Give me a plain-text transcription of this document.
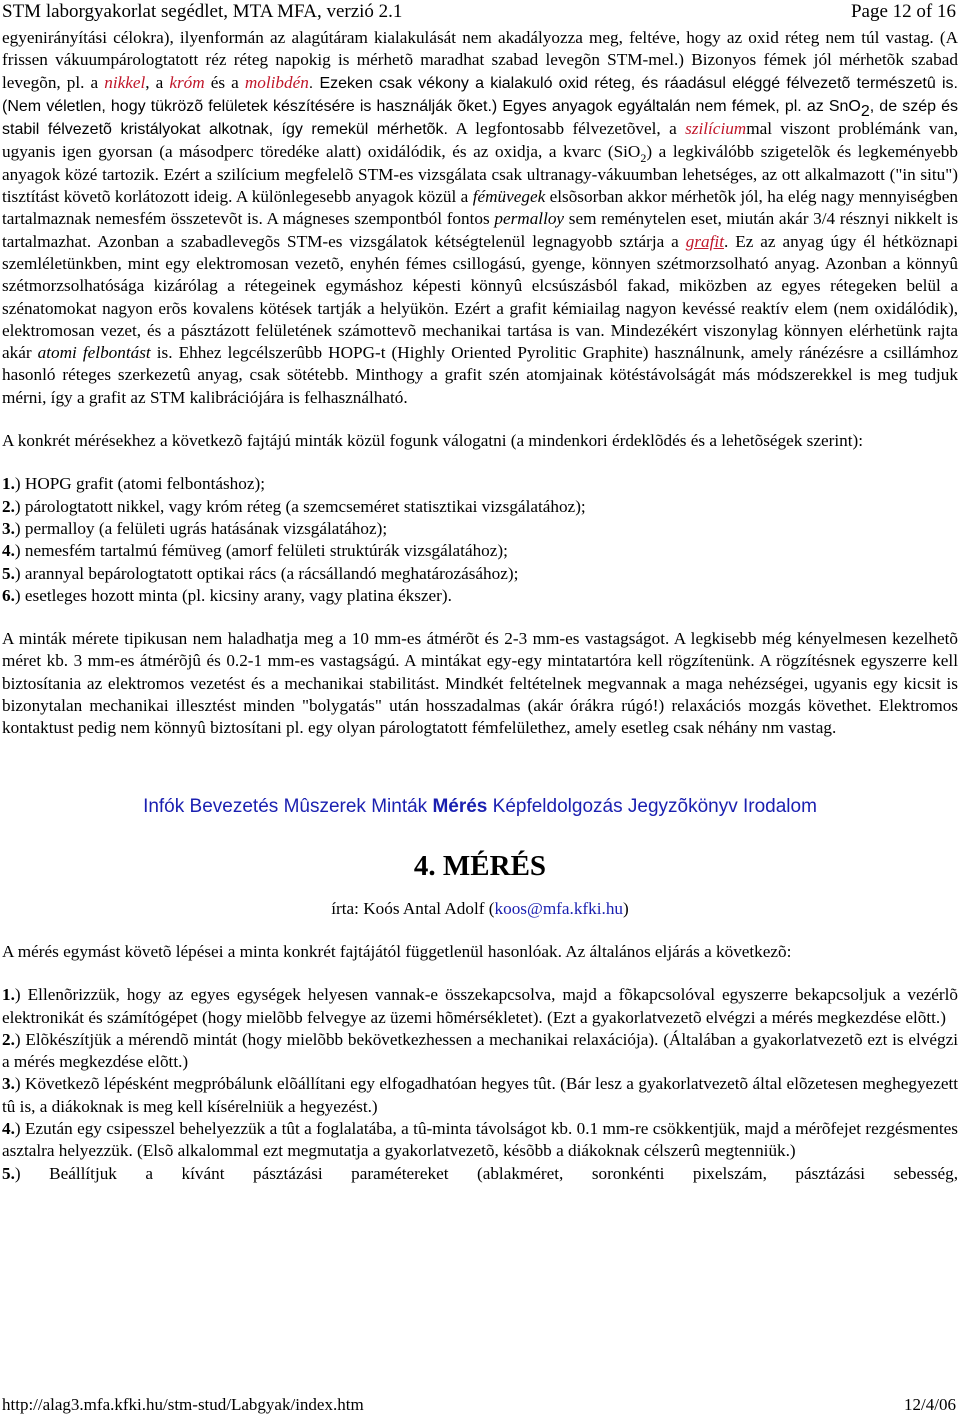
STM laborgyakorlat segédlet, MTA MFA, verzió 2.1	Page 12 of 16

egyenirányítási célokra), ilyenformán az alagútáram kialakulását nem akadályozza meg, feltéve, hogy az oxid réteg nem túl vastag. (A frissen vákuumpárologtatott réz réteg napokig is mérhetõ maradhat szabad levegõn STM-mel.) Bizonyos fémek jól mérhetõk szabad levegõn, pl. a nikkel, a króm és a molibdén. Ezeken csak vékony a kialakuló oxid réteg, és ráadásul eléggé félvezetõ természetû is. (Nem véletlen, hogy tükrözõ felületek készítésére is használják õket.) Egyes anyagok egyáltalán nem fémek, pl. az SnO$_2$, de szép és stabil félvezetõ kristályokat alkotnak, így remekül mérhetõk. A legfontosabb félvezetõvel, a szilíciummal viszont problémánk van, ugyanis igen gyorsan (a másodperc töredéke alatt) oxidálódik, és az oxidja, a kvarc (SiO$_2$) a legkiválóbb szigetelõk és legkeményebb anyagok közé tartozik. Ezért a szilícium megfelelõ STM-es vizsgálata csak ultranagy-vákuumban lehetséges, az ott alkalmazott ("in situ") tisztítást követõ korlátozott ideig. A különlegesebb anyagok közül a fémüvegek elsõsorban akkor mérhetõk jól, ha elég nagy mennyiségben tartalmaznak nemesfém összetevõt is. A mágneses szempontból fontos permalloy sem reménytelen eset, miután akár 3/4 résznyi nikkelt is tartalmazhat. Azonban a szabadlevegõs STM-es vizsgálatok kétségtelenül legnagyobb sztárja a grafit. Ez az anyag úgy él hétköznapi szemléletünkben, mint egy elektromosan vezetõ, enyhén fémes csillogású, gyenge, könnyen szétmorzsolható anyag. Azonban a könnyû szétmorzsolhatósága kizárólag a rétegeinek egymáshoz képesti könnyû elcsúszásból fakad, miközben az egyes rétegeken belül a szénatomokat nagyon erõs kovalens kötések tartják a helyükön. Ezért a grafit kémiailag nagyon kevéssé reaktív elem (nem oxidálódik), elektromosan vezet, és a pásztázott felületének számottevõ mechanikai tartása is van. Mindezékért viszonylag könnyen elérhetünk rajta akár atomi felbontást is. Ehhez legcélszerûbb HOPG-t (Highly Oriented Pyrolitic Graphite) használnunk, amely ránézésre a csillámhoz hasonló réteges szerkezetû anyag, csak sötétebb. Minthogy a grafit szén atomjainak kötéstávolságát más módszerekkel is meg tudjuk mérni, így a grafit az STM kalibrációjára is felhasználható.

A konkrét mérésekhez a következõ fajtájú minták közül fogunk válogatni (a mindenkori érdeklõdés és a lehetõségek szerint):

1.) HOPG grafit (atomi felbontáshoz);

2.) párologtatott nikkel, vagy króm réteg (a szemcseméret statisztikai vizsgálatához);

3.) permalloy (a felületi ugrás hatásának vizsgálatához);

4.) nemesfém tartalmú fémüveg (amorf felületi struktúrák vizsgálatához);

5.) arannyal bepárologtatott optikai rács (a rácsállandó meghatározásához);

6.) esetleges hozott minta (pl. kicsiny arany, vagy platina ékszer).

A minták mérete tipikusan nem haladhatja meg a 10 mm-es átmérõt és 2-3 mm-es vastagságot. A legkisebb még kényelmesen kezelhetõ méret kb. 3 mm-es átmérõjû és 0.2-1 mm-es vastagságú. A mintákat egy-egy mintatartóra kell rögzítenünk. A rögzítésnek egyszerre kell biztosítania az elektromos vezetést és a mechanikai stabilitást. Mindkét feltételnek megvannak a maga nehézségei, ugyanis egy kicsit is bizonytalan mechanikai illesztést minden "bolygatás" után hosszadalmas (akár órákra rúgó!) relaxációs mozgás követhet. Elektromos kontaktust pedig nem könnyû biztosítani pl. egy olyan párologtatott fémfelülethez, amely esetleg csak néhány nm vastag.

Infók Bevezetés Mûszerek Minták Mérés Képfeldolgozás Jegyzõkönyv Irodalom

4. MÉRÉS

írta: Koós Antal Adolf (koos@mfa.kfki.hu)

A mérés egymást követõ lépései a minta konkrét fajtájától függetlenül hasonlóak. Az általános eljárás a következõ:

1.) Ellenõrizzük, hogy az egyes egységek helyesen vannak-e összekapcsolva, majd a fõkapcsolóval egyszerre bekapcsoljuk a vezérlõ elektronikát és számítógépet (hogy mielõbb felvegye az üzemi hõmérsékletet). (Ezt a gyakorlatvezetõ elvégzi a mérés megkezdése elõtt.)

2.) Elõkészítjük a mérendõ mintát (hogy mielõbb bekövetkezhessen a mechanikai relaxációja). (Általában a gyakorlatvezetõ ezt is elvégzi a mérés megkezdése elõtt.)

3.) Következõ lépésként megpróbálunk elõállítani egy elfogadhatóan hegyes tût. (Bár lesz a gyakorlatvezetõ által elõzetesen meghegyezett tû is, a diákoknak is meg kell kísérelniük a hegyezést.)

4.) Ezután egy csipesszel behelyezzük a tût a foglalatába, a tû-minta távolságot kb. 0.1 mm-re csökkentjük, majd a mérõfejet rezgésmentes asztalra helyezzük. (Elsõ alkalommal ezt megmutatja a gyakorlatvezetõ, késõbb a diákoknak célszerû megtenniük.)

5.) Beállítjuk a kívánt pásztázási paramétereket (ablakméret, soronkénti pixelszám, pásztázási sebesség,

http://alag3.mfa.kfki.hu/stm-stud/Labgyak/index.htm	12/4/06
